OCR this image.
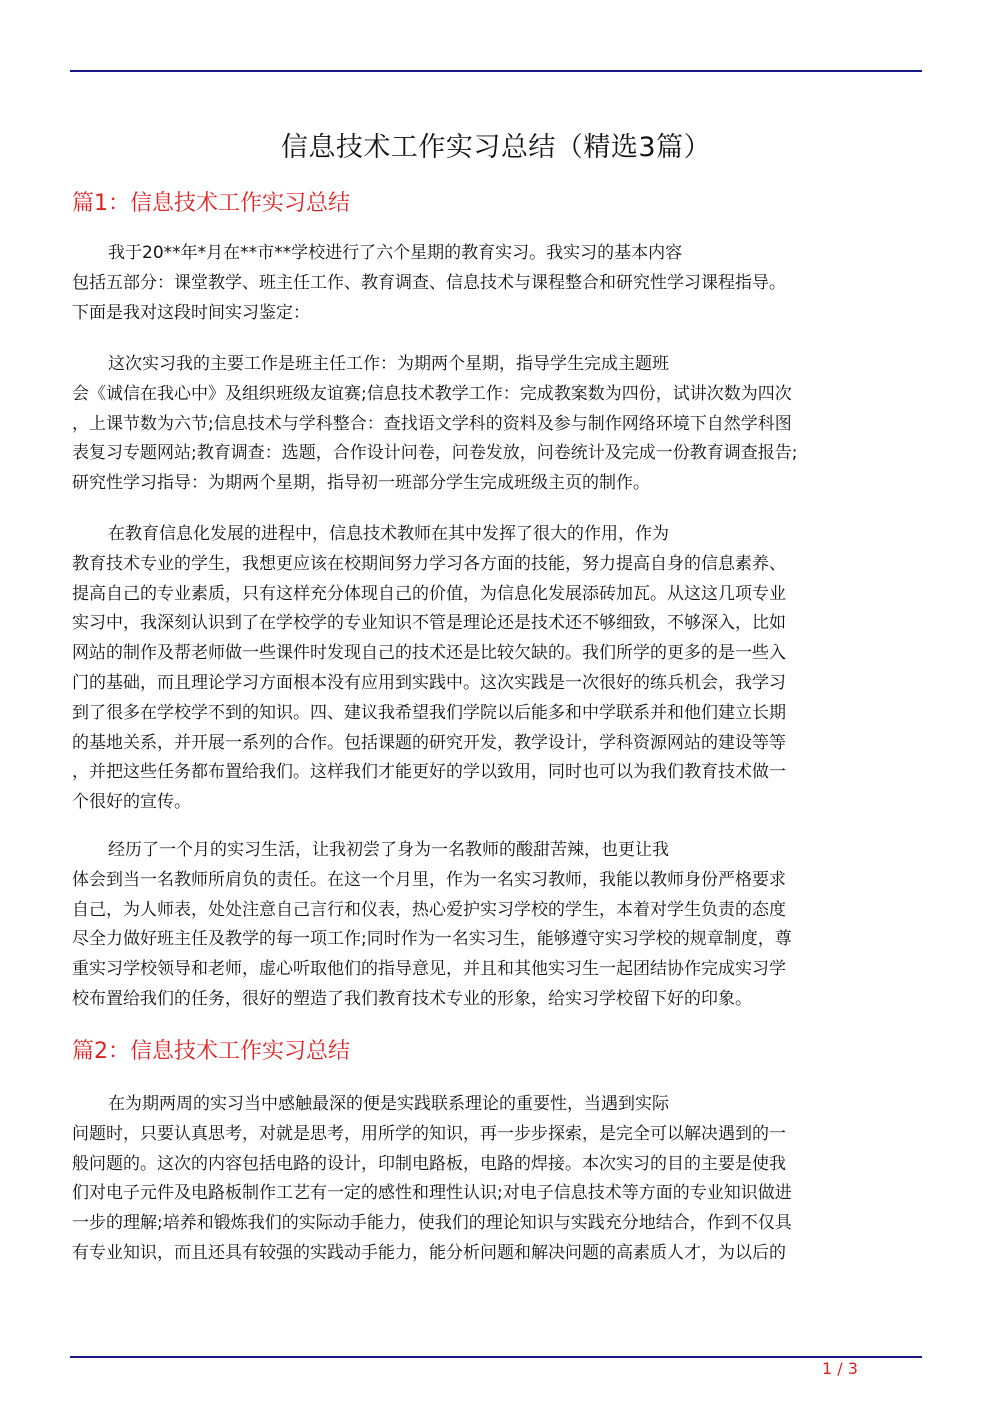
信息技术工作实习总结（精选3篇）
篇1：信息技术工作实习总结

我于20**年*月在**市**学校进行了六个星期的教育实习。我实习的基本内容
包括五部分：课堂教学、班主任工作、教育调查、信息技术与课程整合和研究性学习课程指导。
下面是我对这段时间实习鉴定：

这次实习我的主要工作是班主任工作：为期两个星期，指导学生完成主题班
会《诚信在我心中》及组织班级友谊赛;信息技术教学工作：完成教案数为四份，试讲次数为四次
，上课节数为六节;信息技术与学科整合：查找语文学科的资料及参与制作网络环境下自然学科图
表复习专题网站;教育调查：选题，合作设计问卷，问卷发放，问卷统计及完成一份教育调查报告;
研究性学习指导：为期两个星期，指导初一班部分学生完成班级主页的制作。

在教育信息化发展的进程中，信息技术教师在其中发挥了很大的作用，作为
教育技术专业的学生，我想更应该在校期间努力学习各方面的技能，努力提高自身的信息素养、
提高自己的专业素质，只有这样充分体现自己的价值，为信息化发展添砖加瓦。从这这几项专业
实习中，我深刻认识到了在学校学的专业知识不管是理论还是技术还不够细致，不够深入，比如
网站的制作及帮老师做一些课件时发现自己的技术还是比较欠缺的。我们所学的更多的是一些入
门的基础，而且理论学习方面根本没有应用到实践中。这次实践是一次很好的练兵机会，我学习
到了很多在学校学不到的知识。四、建议我希望我们学院以后能多和中学联系并和他们建立长期
的基地关系，并开展一系列的合作。包括课题的研究开发，教学设计，学科资源网站的建设等等
，并把这些任务都布置给我们。这样我们才能更好的学以致用，同时也可以为我们教育技术做一
个很好的宣传。

经历了一个月的实习生活，让我初尝了身为一名教师的酸甜苦辣，也更让我
体会到当一名教师所肩负的责任。在这一个月里，作为一名实习教师，我能以教师身份严格要求
自己，为人师表，处处注意自己言行和仪表，热心爱护实习学校的学生，本着对学生负责的态度
尽全力做好班主任及教学的每一项工作;同时作为一名实习生，能够遵守实习学校的规章制度，尊
重实习学校领导和老师，虚心听取他们的指导意见，并且和其他实习生一起团结协作完成实习学
校布置给我们的任务，很好的塑造了我们教育技术专业的形象，给实习学校留下好的印象。

篇2：信息技术工作实习总结

在为期两周的实习当中感触最深的便是实践联系理论的重要性，当遇到实际
问题时，只要认真思考，对就是思考，用所学的知识，再一步步探索，是完全可以解决遇到的一
般问题的。这次的内容包括电路的设计，印制电路板，电路的焊接。本次实习的目的主要是使我
们对电子元件及电路板制作工艺有一定的感性和理性认识;对电子信息技术等方面的专业知识做进
一步的理解;培养和锻炼我们的实际动手能力，使我们的理论知识与实践充分地结合，作到不仅具
有专业知识，而且还具有较强的实践动手能力，能分析问题和解决问题的高素质人才，为以后的

1 / 3
